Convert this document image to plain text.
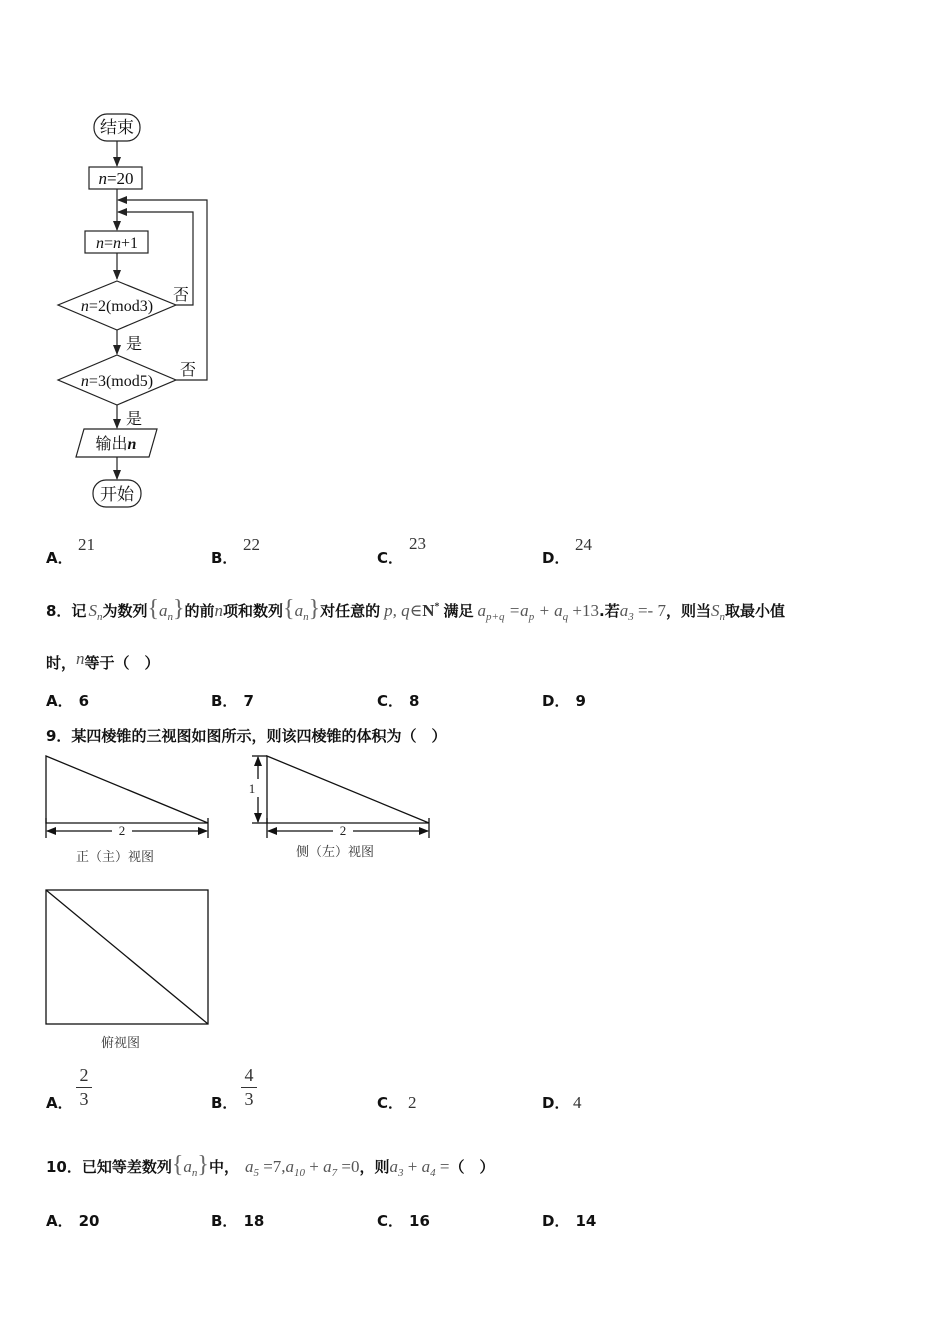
结束
n=20
n=n+1
n=2(mod3)
n=3(mod5)
否
否
是
是
输出n
开始
A．
21
B．
22
C．
23
D．
24
8．记 $S_n$为数列$\{a_n\}$的前n项和数列$\{a_n\}$对任意的 p, q∈N* 满足 $a_{p+q} =a_p + a_q +13$.若$a_3 =- 7$，则当$S_n$取最小值
时，n等于（　）
A． 6	B． 7	C． 8	D． 9
9．某四棱锥的三视图如图所示，则该四棱锥的体积为（　）
2	2
1
正（主）视图	侧（左）视图
俯视图
A．
2
3	B．
4
3	C． 2	D． 4
10．已知等差数列$\{a_n\}$中， $a_5 =7,a_{10} + a_7 =0$，则$a_3 + a_4$ =（　）
A． 20	B． 18	C． 16	D． 14
